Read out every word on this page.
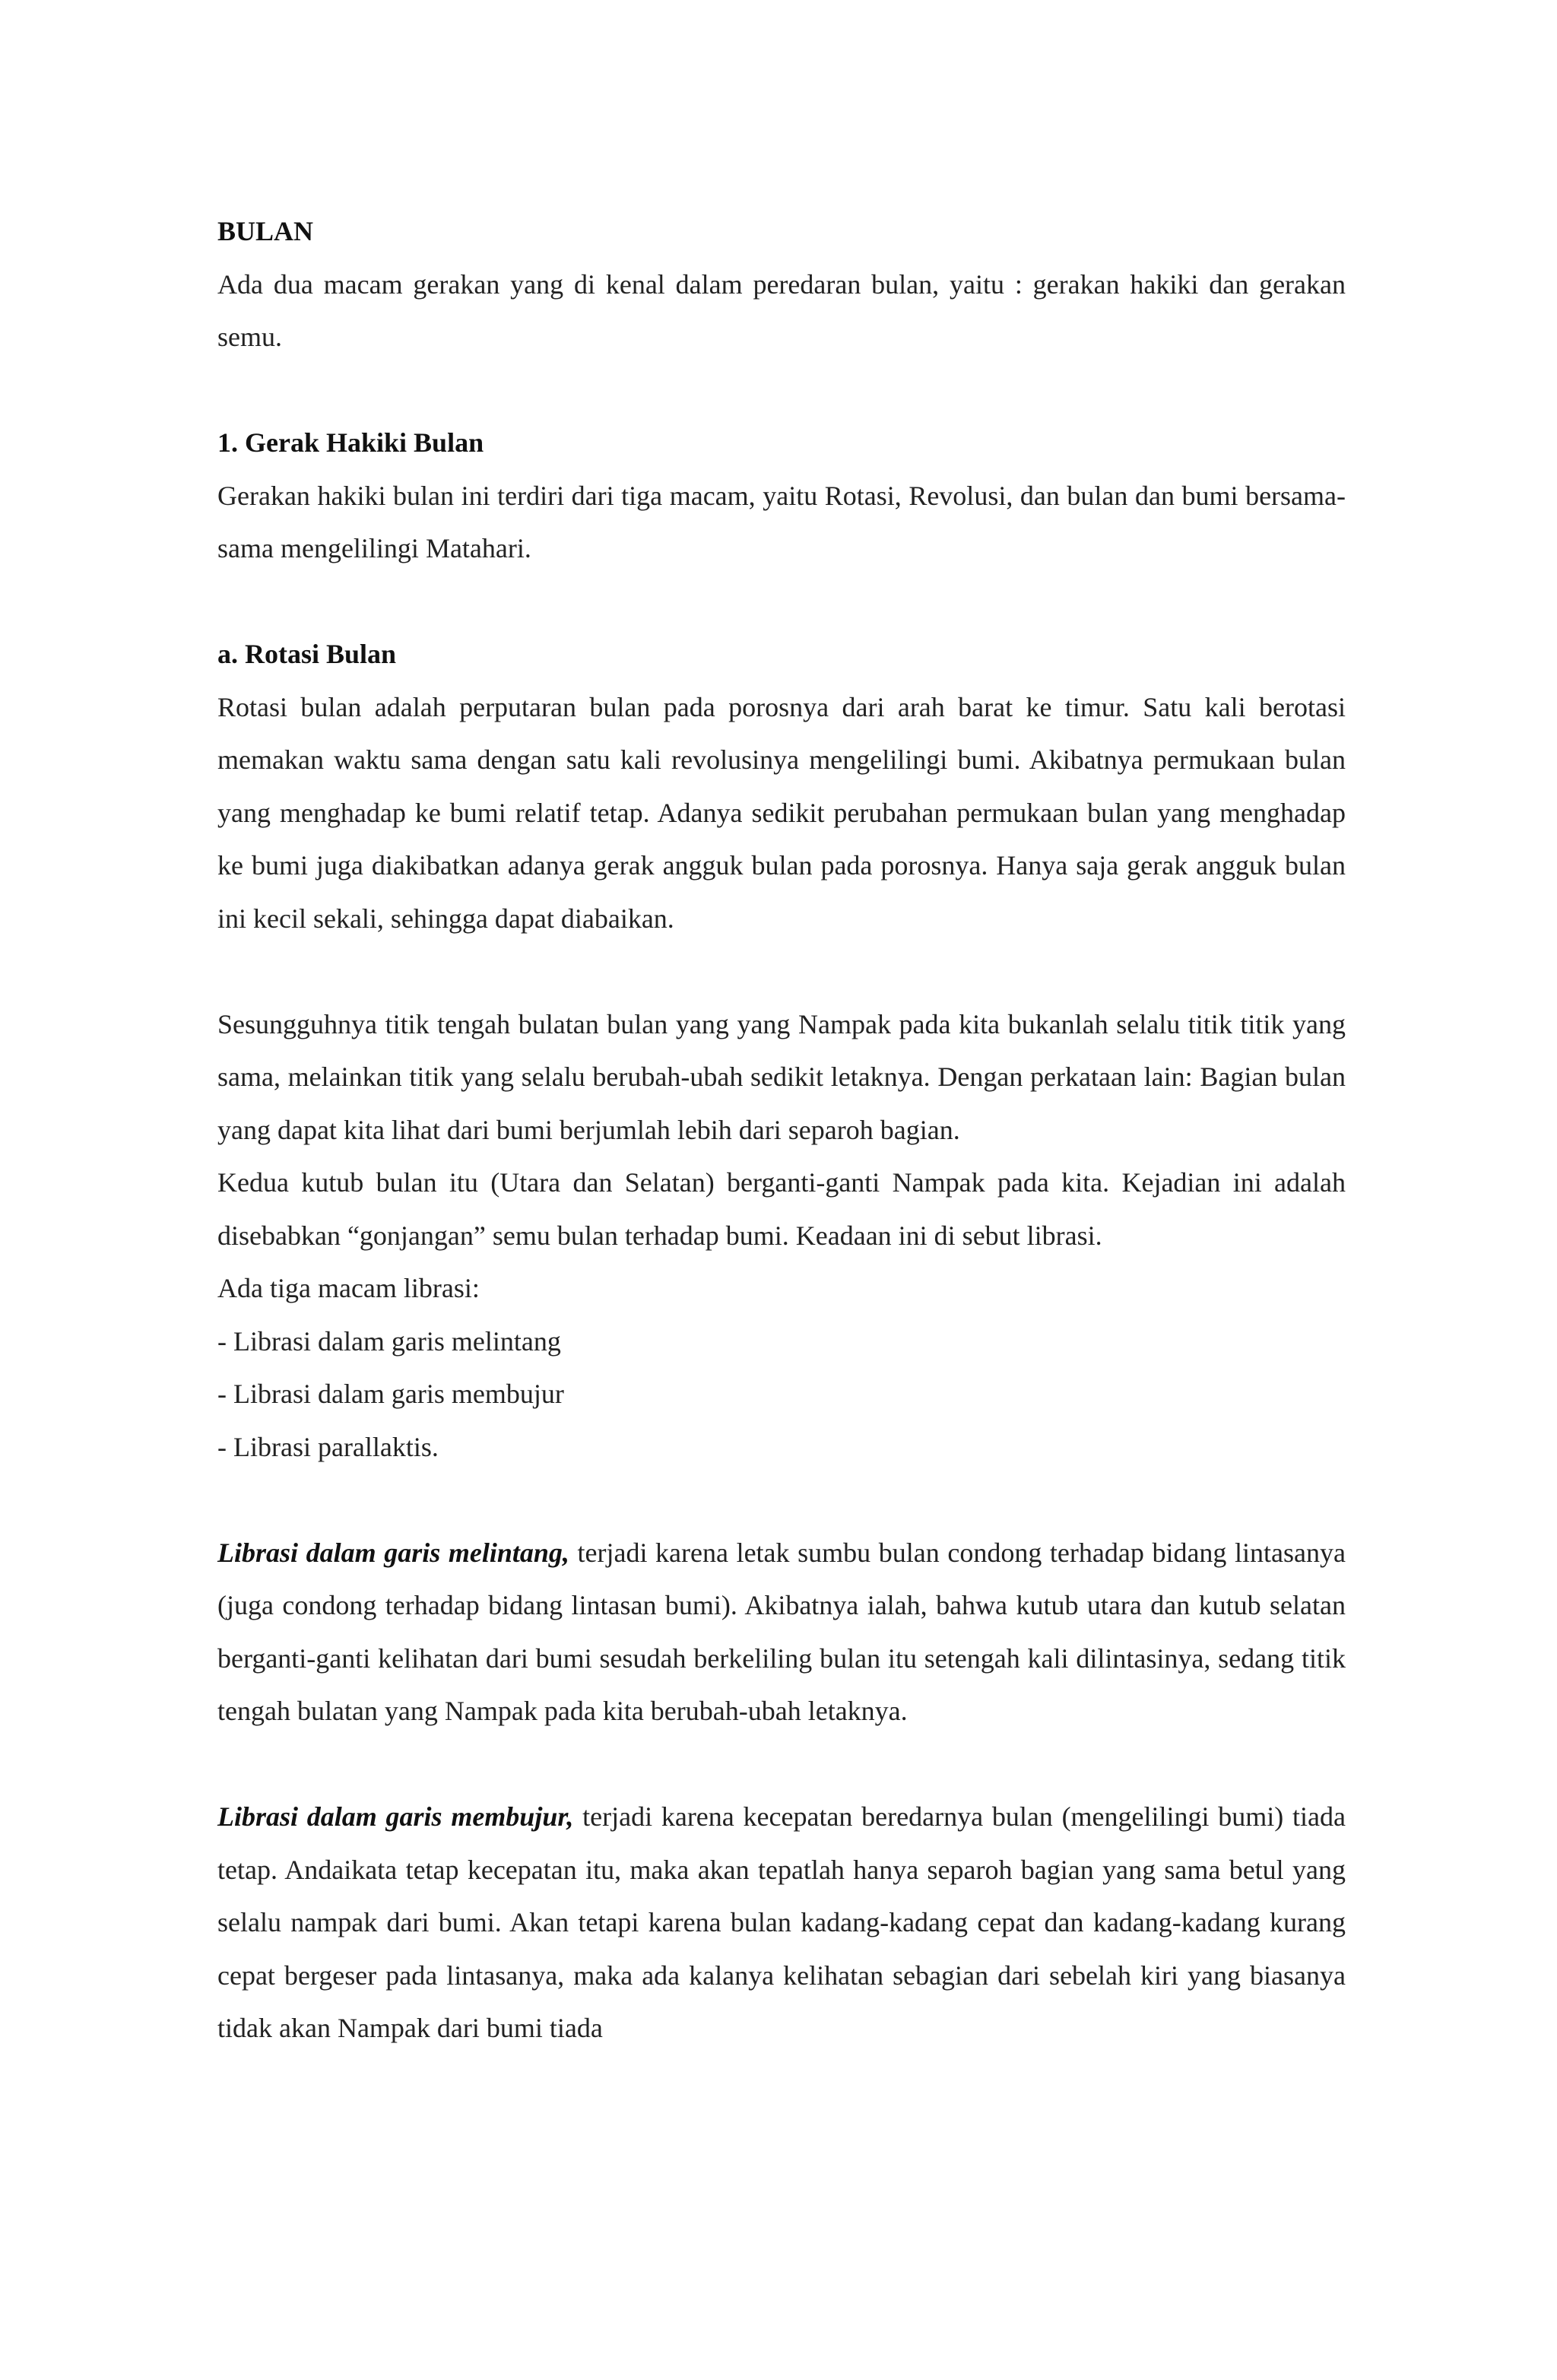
BULAN

Ada dua macam gerakan yang di kenal dalam peredaran bulan, yaitu : gerakan hakiki dan gerakan semu.

1. Gerak Hakiki Bulan

Gerakan hakiki bulan ini terdiri dari tiga macam, yaitu Rotasi, Revolusi, dan bulan dan bumi bersama-sama mengelilingi Matahari.

a. Rotasi Bulan

Rotasi bulan adalah perputaran bulan pada porosnya dari arah barat ke timur. Satu kali berotasi memakan waktu sama dengan satu kali revolusinya mengelilingi bumi. Akibatnya permukaan bulan yang menghadap ke bumi relatif tetap. Adanya sedikit perubahan permukaan bulan yang menghadap ke bumi juga diakibatkan adanya gerak angguk bulan pada porosnya. Hanya saja gerak angguk bulan ini kecil sekali, sehingga dapat diabaikan.

Sesungguhnya titik tengah bulatan bulan yang yang Nampak pada kita bukanlah selalu titik titik yang sama, melainkan titik yang selalu berubah-ubah sedikit letaknya. Dengan perkataan lain: Bagian bulan yang dapat kita lihat dari bumi berjumlah lebih dari separoh bagian.

Kedua kutub bulan itu (Utara dan Selatan) berganti-ganti Nampak pada kita. Kejadian ini adalah disebabkan “gonjangan” semu bulan terhadap bumi. Keadaan ini di sebut librasi.

Ada tiga macam librasi:

- Librasi dalam garis melintang

- Librasi dalam garis membujur

- Librasi parallaktis.

Librasi dalam garis melintang, terjadi karena letak sumbu bulan condong terhadap bidang lintasanya (juga condong terhadap bidang lintasan bumi). Akibatnya ialah, bahwa kutub utara dan kutub selatan berganti-ganti kelihatan dari bumi sesudah berkeliling bulan itu setengah kali dilintasinya, sedang titik tengah bulatan yang Nampak pada kita berubah-ubah letaknya.

Librasi dalam garis membujur, terjadi karena kecepatan beredarnya bulan (mengelilingi bumi) tiada tetap. Andaikata tetap kecepatan itu, maka akan tepatlah hanya separoh bagian yang sama betul yang selalu nampak dari bumi. Akan tetapi karena bulan kadang-kadang cepat dan kadang-kadang kurang cepat bergeser pada lintasanya, maka ada kalanya kelihatan sebagian dari sebelah kiri yang biasanya tidak akan Nampak dari bumi tiada
